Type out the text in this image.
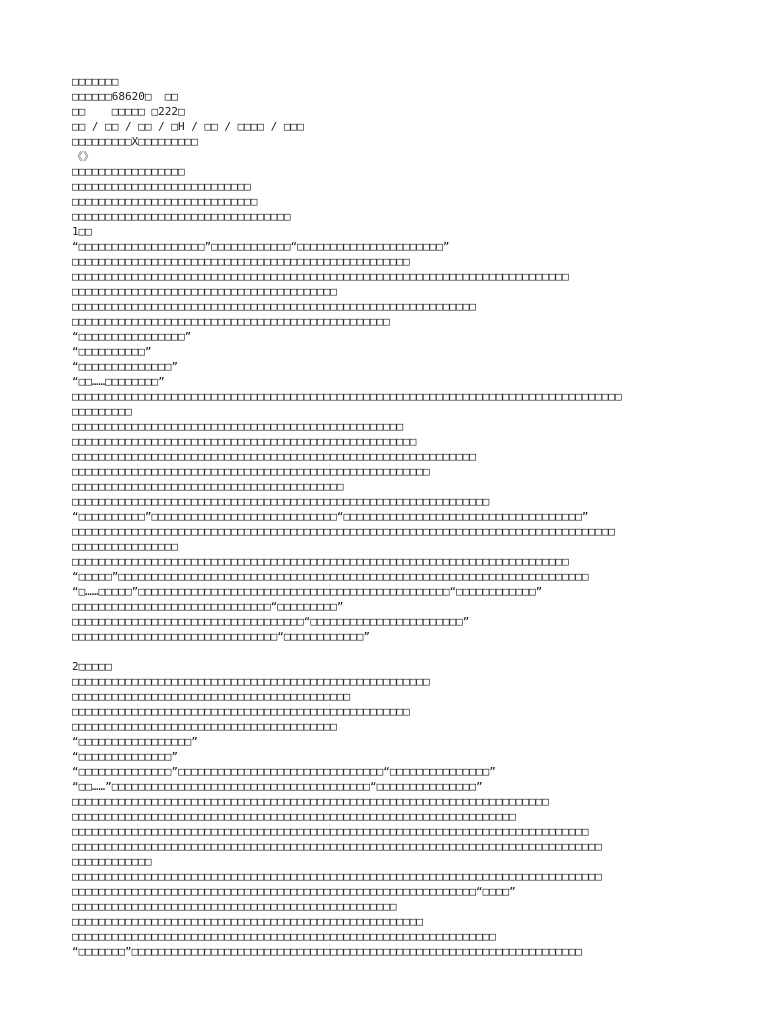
□□□□□□□
□□□□□□68620□  □□
□□    □□□□□ □222□
□□ / □□ / □□ / □H / □□ / □□□□ / □□□
□□□□□□□□□X□□□□□□□□□
《》
□□□□□□□□□□□□□□□□□
□□□□□□□□□□□□□□□□□□□□□□□□□□□
□□□□□□□□□□□□□□□□□□□□□□□□□□□□
□□□□□□□□□□□□□□□□□□□□□□□□□□□□□□□□□
1□□
“□□□□□□□□□□□□□□□□□□□”□□□□□□□□□□□□“□□□□□□□□□□□□□□□□□□□□□□”
□□□□□□□□□□□□□□□□□□□□□□□□□□□□□□□□□□□□□□□□□□□□□□□□□□□
□□□□□□□□□□□□□□□□□□□□□□□□□□□□□□□□□□□□□□□□□□□□□□□□□□□□□□□□□□□□□□□□□□□□□□□□□□□
□□□□□□□□□□□□□□□□□□□□□□□□□□□□□□□□□□□□□□□□
□□□□□□□□□□□□□□□□□□□□□□□□□□□□□□□□□□□□□□□□□□□□□□□□□□□□□□□□□□□□□
□□□□□□□□□□□□□□□□□□□□□□□□□□□□□□□□□□□□□□□□□□□□□□□□
“□□□□□□□□□□□□□□□□”
“□□□□□□□□□□”
“□□□□□□□□□□□□□□”
“□□……□□□□□□□□”
□□□□□□□□□□□□□□□□□□□□□□□□□□□□□□□□□□□□□□□□□□□□□□□□□□□□□□□□□□□□□□□□□□□□□□□□□□□□□□□□□□□
□□□□□□□□□
□□□□□□□□□□□□□□□□□□□□□□□□□□□□□□□□□□□□□□□□□□□□□□□□□□
□□□□□□□□□□□□□□□□□□□□□□□□□□□□□□□□□□□□□□□□□□□□□□□□□□□□
□□□□□□□□□□□□□□□□□□□□□□□□□□□□□□□□□□□□□□□□□□□□□□□□□□□□□□□□□□□□□
□□□□□□□□□□□□□□□□□□□□□□□□□□□□□□□□□□□□□□□□□□□□□□□□□□□□□□
□□□□□□□□□□□□□□□□□□□□□□□□□□□□□□□□□□□□□□□□□
□□□□□□□□□□□□□□□□□□□□□□□□□□□□□□□□□□□□□□□□□□□□□□□□□□□□□□□□□□□□□□□
“□□□□□□□□□□”□□□□□□□□□□□□□□□□□□□□□□□□□□□□“□□□□□□□□□□□□□□□□□□□□□□□□□□□□□□□□□□□□”
□□□□□□□□□□□□□□□□□□□□□□□□□□□□□□□□□□□□□□□□□□□□□□□□□□□□□□□□□□□□□□□□□□□□□□□□□□□□□□□□□□
□□□□□□□□□□□□□□□□
□□□□□□□□□□□□□□□□□□□□□□□□□□□□□□□□□□□□□□□□□□□□□□□□□□□□□□□□□□□□□□□□□□□□□□□□□□□
“□□□□□”□□□□□□□□□□□□□□□□□□□□□□□□□□□□□□□□□□□□□□□□□□□□□□□□□□□□□□□□□□□□□□□□□□□□□□□
“□……□□□□□”□□□□□□□□□□□□□□□□□□□□□□□□□□□□□□□□□□□□□□□□□□□□□□□“□□□□□□□□□□□□”
□□□□□□□□□□□□□□□□□□□□□□□□□□□□□□“□□□□□□□□□”
□□□□□□□□□□□□□□□□□□□□□□□□□□□□□□□□□□□“□□□□□□□□□□□□□□□□□□□□□□□”
□□□□□□□□□□□□□□□□□□□□□□□□□□□□□□□“□□□□□□□□□□□□”
2□□□□□
□□□□□□□□□□□□□□□□□□□□□□□□□□□□□□□□□□□□□□□□□□□□□□□□□□□□□□
□□□□□□□□□□□□□□□□□□□□□□□□□□□□□□□□□□□□□□□□□□
□□□□□□□□□□□□□□□□□□□□□□□□□□□□□□□□□□□□□□□□□□□□□□□□□□□
□□□□□□□□□□□□□□□□□□□□□□□□□□□□□□□□□□□□□□□□
“□□□□□□□□□□□□□□□□□”
“□□□□□□□□□□□□□□”
“□□□□□□□□□□□□□□”□□□□□□□□□□□□□□□□□□□□□□□□□□□□□□□“□□□□□□□□□□□□□□□”
“□□……”□□□□□□□□□□□□□□□□□□□□□□□□□□□□□□□□□□□□□□□“□□□□□□□□□□□□□□□”
□□□□□□□□□□□□□□□□□□□□□□□□□□□□□□□□□□□□□□□□□□□□□□□□□□□□□□□□□□□□□□□□□□□□□□□□
□□□□□□□□□□□□□□□□□□□□□□□□□□□□□□□□□□□□□□□□□□□□□□□□□□□□□□□□□□□□□□□□□□□
□□□□□□□□□□□□□□□□□□□□□□□□□□□□□□□□□□□□□□□□□□□□□□□□□□□□□□□□□□□□□□□□□□□□□□□□□□□□□□
□□□□□□□□□□□□□□□□□□□□□□□□□□□□□□□□□□□□□□□□□□□□□□□□□□□□□□□□□□□□□□□□□□□□□□□□□□□□□□□□
□□□□□□□□□□□□
□□□□□□□□□□□□□□□□□□□□□□□□□□□□□□□□□□□□□□□□□□□□□□□□□□□□□□□□□□□□□□□□□□□□□□□□□□□□□□□□
□□□□□□□□□□□□□□□□□□□□□□□□□□□□□□□□□□□□□□□□□□□□□□□□□□□□□□□□□□□□□“□□□□”
□□□□□□□□□□□□□□□□□□□□□□□□□□□□□□□□□□□□□□□□□□□□□□□□□
□□□□□□□□□□□□□□□□□□□□□□□□□□□□□□□□□□□□□□□□□□□□□□□□□□□□□
□□□□□□□□□□□□□□□□□□□□□□□□□□□□□□□□□□□□□□□□□□□□□□□□□□□□□□□□□□□□□□□□
“□□□□□□□”□□□□□□□□□□□□□□□□□□□□□□□□□□□□□□□□□□□□□□□□□□□□□□□□□□□□□□□□□□□□□□□□□□□□
